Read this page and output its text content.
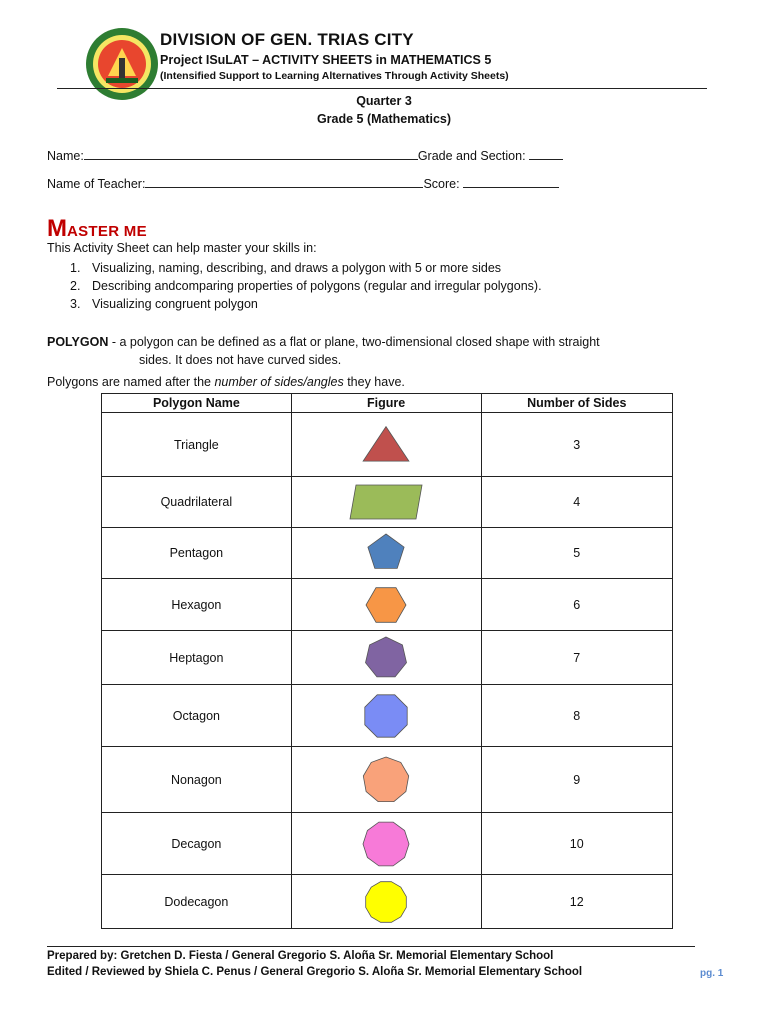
DIVISION OF GEN. TRIAS CITY
Project ISuLAT – ACTIVITY SHEETS in MATHEMATICS 5
(Intensified Support to Learning Alternatives Through Activity Sheets)
Quarter 3
Grade 5 (Mathematics)
Name:	Grade and Section:
Name of Teacher:	Score:
MASTER ME
This Activity Sheet can help master your skills in:
1. Visualizing, naming, describing, and draws a polygon with 5 or more sides
2. Describing andcomparing properties of polygons (regular and irregular polygons).
3. Visualizing congruent polygon
POLYGON - a polygon can be defined as a flat or plane, two-dimensional closed shape with straight
sides. It does not have curved sides.
Polygons are named after the number of sides/angles they have.
Polygon Name	Figure	Number of Sides
Triangle		3
Quadrilateral		4
Pentagon		5
Hexagon		6
Heptagon		7
Octagon		8
Nonagon		9
Decagon		10
Dodecagon		12
Prepared by: Gretchen D. Fiesta / General Gregorio S. Aloña Sr. Memorial Elementary School
Edited / Reviewed by Shiela C. Penus / General Gregorio S. Aloña Sr. Memorial Elementary School	pg. 1
